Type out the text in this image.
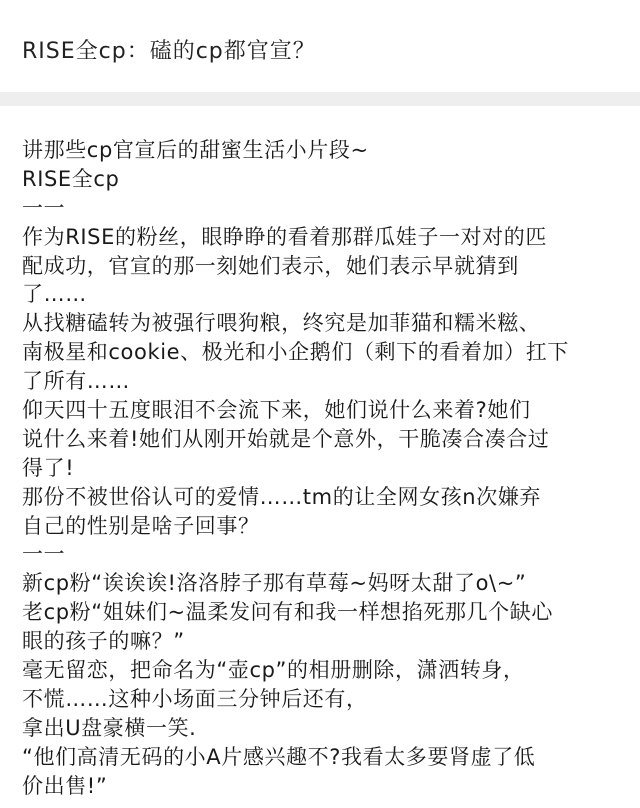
RISE全cp：磕的cp都官宣？
讲那些cp官宣后的甜蜜生活小片段~
RISE全cp
一一
作为RISE的粉丝，眼睁睁的看着那群瓜娃子一对对的匹
配成功，官宣的那一刻她们表示，她们表示早就猜到
了……
从找糖磕转为被强行喂狗粮，终究是加菲猫和糯米糍、
南极星和cookie、极光和小企鹅们（剩下的看着加）扛下
了所有……
仰天四十五度眼泪不会流下来，她们说什么来着?她们
说什么来着!她们从刚开始就是个意外，干脆凑合凑合过
得了!
那份不被世俗认可的爱情……tm的让全网女孩n次嫌弃
自己的性别是啥子回事？
一一
新cp粉“诶诶诶!洛洛脖子那有草莓~妈呀太甜了o\~”
老cp粉“姐妹们~温柔发问有和我一样想掐死那几个缺心
眼的孩子的嘛？”
毫无留恋，把命名为“壶cp”的相册删除，潇洒转身，
不慌……这种小场面三分钟后还有，
拿出U盘豪横一笑.
“他们高清无码的小A片感兴趣不?我看太多要肾虚了低
价出售!”
